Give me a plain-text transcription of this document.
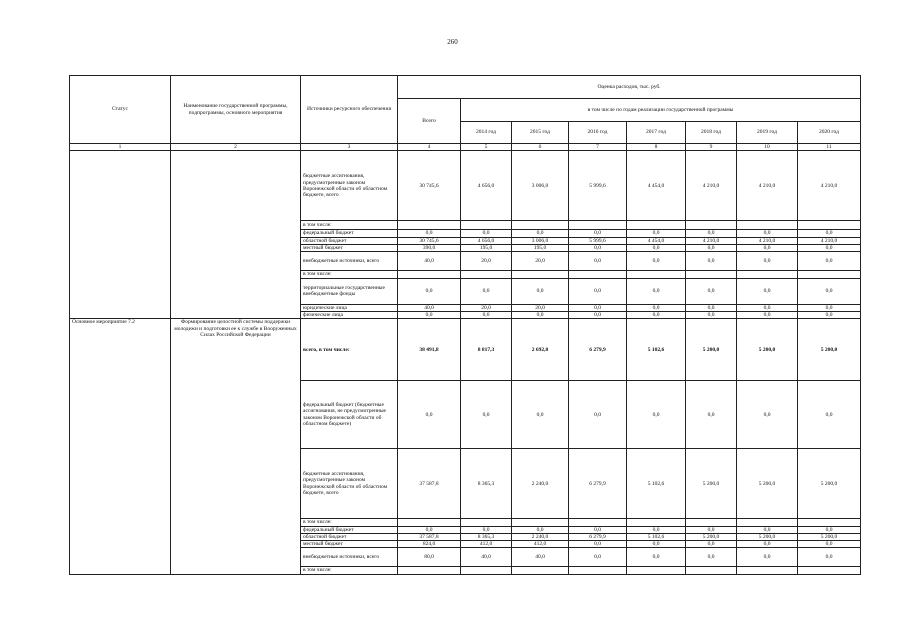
260
Статус	Наименование государственной программы, подпрограммы, основного мероприятия	Источники ресурсного обеспечения	Оценка расходов, тыс. руб.							
			Всего	в том числе по годам реализации государственной программы						
				2014 год	2015 год	2016 год	2017 год	2018 год	2019 год	2020 год
1	2	3	4	5	6	7	8	9	10	11
		бюджетные ассигнования, предусмотренные законом Воронежской области об областном бюджете, всего	30 745,6	4 656,0	3 006,0	5 999,6	4 454,0	4 210,0	4 210,0	4 210,0
		в том числе:								
		федеральный бюджет	0,0	0,0	0,0	0,0	0,0	0,0	0,0	0,0
		областной бюджет	30 745,6	4 656,0	3 006,0	5 999,6	4 454,0	4 210,0	4 210,0	4 210,0
		местный бюджет	390,0	195,0	195,0	0,0	0,0	0,0	0,0	0,0
		внебюджетные источники, всего	40,0	20,0	20,0	0,0	0,0	0,0	0,0	0,0
		в том числе:								
		территориальные государственные внебюджетные фонды	0,0	0,0	0,0	0,0	0,0	0,0	0,0	0,0
		юридические лица	40,0	20,0	20,0	0,0	0,0	0,0	0,0	0,0
		физические лица	0,0	0,0	0,0	0,0	0,0	0,0	0,0	0,0
Основное мероприятие 7.2	Формирование целостной системы поддержки молодежи и подготовки ее к службе в Вооруженных Силах Российской Федерации	всего, в том числе:	38 491,8	8 817,3	2 692,0	6 279,9	5 102,6	5 200,0	5 200,0	5 200,0
		федеральный бюджет (бюджетные ассигнования, не предусмотренные законом Воронежской области об областном бюджете)	0,0	0,0	0,0	0,0	0,0	0,0	0,0	0,0
		бюджетные ассигнования, предусмотренные законом Воронежской области об областном бюджете, всего	37 587,8	8 365,3	2 240,0	6 279,9	5 102,6	5 200,0	5 200,0	5 200,0
		в том числе:								
		федеральный бюджет	0,0	0,0	0,0	0,0	0,0	0,0	0,0	0,0
		областной бюджет	37 587,8	8 365,3	2 240,0	6 279,9	5 102,6	5 200,0	5 200,0	5 200,0
		местный бюджет	824,0	412,0	412,0	0,0	0,0	0,0	0,0	0,0
		внебюджетные источники, всего	80,0	40,0	40,0	0,0	0,0	0,0	0,0	0,0
		в том числе:								
